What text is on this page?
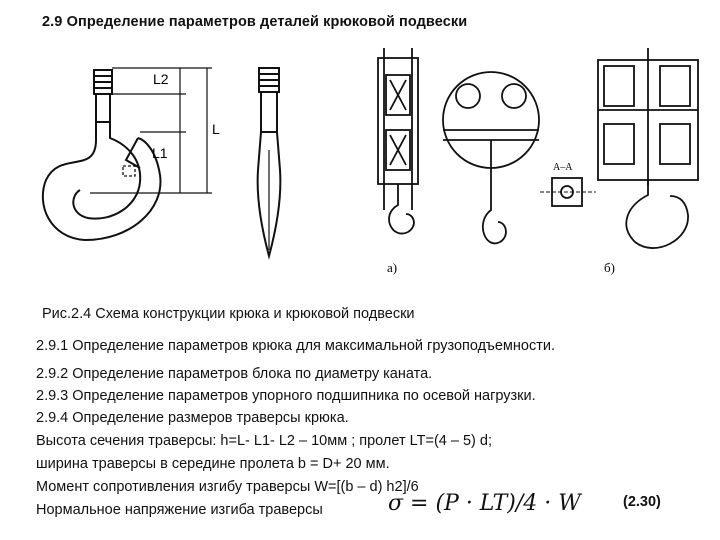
2.9 Определение параметров деталей крюковой подвески
L2
L
L1
а)	б)
А–А
Рис.2.4 Схема конструкции крюка и крюковой подвески
2.9.1 Определение параметров крюка для максимальной грузоподъемности.
2.9.2 Определение параметров блока по диаметру каната.
2.9.3 Определение параметров упорного подшипника по осевой нагрузки.
2.9.4 Определение размеров траверсы крюка.
Высота сечения траверсы: h=L- L1- L2 – 10мм ; пролет LT=(4 – 5) d;
ширина траверсы в середине пролета b = D+ 20 мм.
Момент сопротивления изгибу траверсы W=[(b – d) h2]/6
Нормальное напряжение изгиба траверсы	σ = (P · LT)/4 · W	(2.30)
